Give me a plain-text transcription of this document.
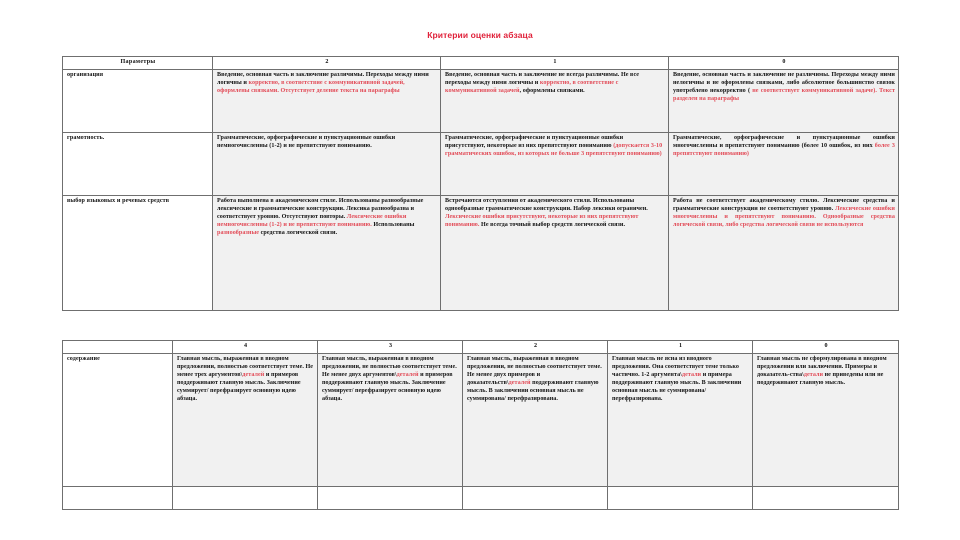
Критерии оценки абзаца
Параметры	2	1	0
организация	Введение, основная часть и заключение различимы. Переходы между ними логичны и корректно, в соответствие с коммуникативной задачей, оформлены связками. Отсутствует деление текста на параграфы	Введение, основная часть и заключение не всегда различимы. Не все переходы между ними логичны и корректно, в соответствие с коммуникативной задачей, оформлены связками.	Введение, основная часть и заключение не различимы. Переходы между ними нелогичны и не оформлены связками, либо абсолютное большинство связок употреблено некорректно ( не соответствует коммуникативной задаче). Текст разделен на параграфы
грамотность.	Грамматические, орфографические и пунктуационные ошибки немногочисленны (1-2) и не препятствуют пониманию.	Грамматические, орфографические и пунктуационные ошибки присутствуют, некоторые из них препятствуют пониманию (допускается 3-10 грамматических ошибок, из которых не больше 3 препятствуют пониманию)	Грамматические, орфографические и пунктуационные ошибки многочисленны и препятствуют пониманию (более 10 ошибок, из них более 3 препятствуют пониманию)
выбор языковых и речевых средств	Работа выполнена в академическом стиле. Использованы разнообразные лексические и грамматические конструкции. Лексика разнообразна и соответствует уровню. Отсутствуют повторы. Лексические ошибки немногочисленны (1-2) и не препятствуют пониманию. Использованы разнообразные средства логической связи.	Встречаются отступления от академического стиля. Использованы однообразные грамматические конструкции. Набор лексики ограничен. Лексические ошибки присутствуют, некоторые из них препятствуют пониманию. Не всегда точный выбор средств логической связи.	Работа не соответствует академическому стилю. Лексические средства и грамматические конструкции не соответствуют уровню. Лексические ошибки многочисленны и препятствуют пониманию. Однообразные средства логической связи, либо средства логической связи не используются
	4	3	2	1	0
содержание	Главная мысль, выраженная в вводном предложении, полностью соответствует теме. Не менее трех аргументов\деталей и примеров поддерживают главную мысль. Заключение суммирует/ перефразирует основную идею абзаца.	Главная мысль, выраженная в вводном предложении, не полностью соответствует теме. Не менее двух аргументов\деталей и примеров поддерживают главную мысль. Заключение суммирует/ перефразирует основную идею абзаца.	Главная мысль, выраженная в вводном предложении, не полностью соответствует теме. Не менее двух примеров и доказательств\деталей поддерживают главную мысль. В заключении основная мысль не суммирована/ перефразирована.	Главная мысль не ясна из вводного предложения. Она соответствует теме только частично. 1-2 аргумента\детали и примера поддерживают главную мысль. В заключении основная мысль не суммирована/ перефразирована.	Главная мысль не сформулирована в вводном предложении или заключении. Примеры и доказатель-ства\детали не приведены или не поддерживают главную мысль.
